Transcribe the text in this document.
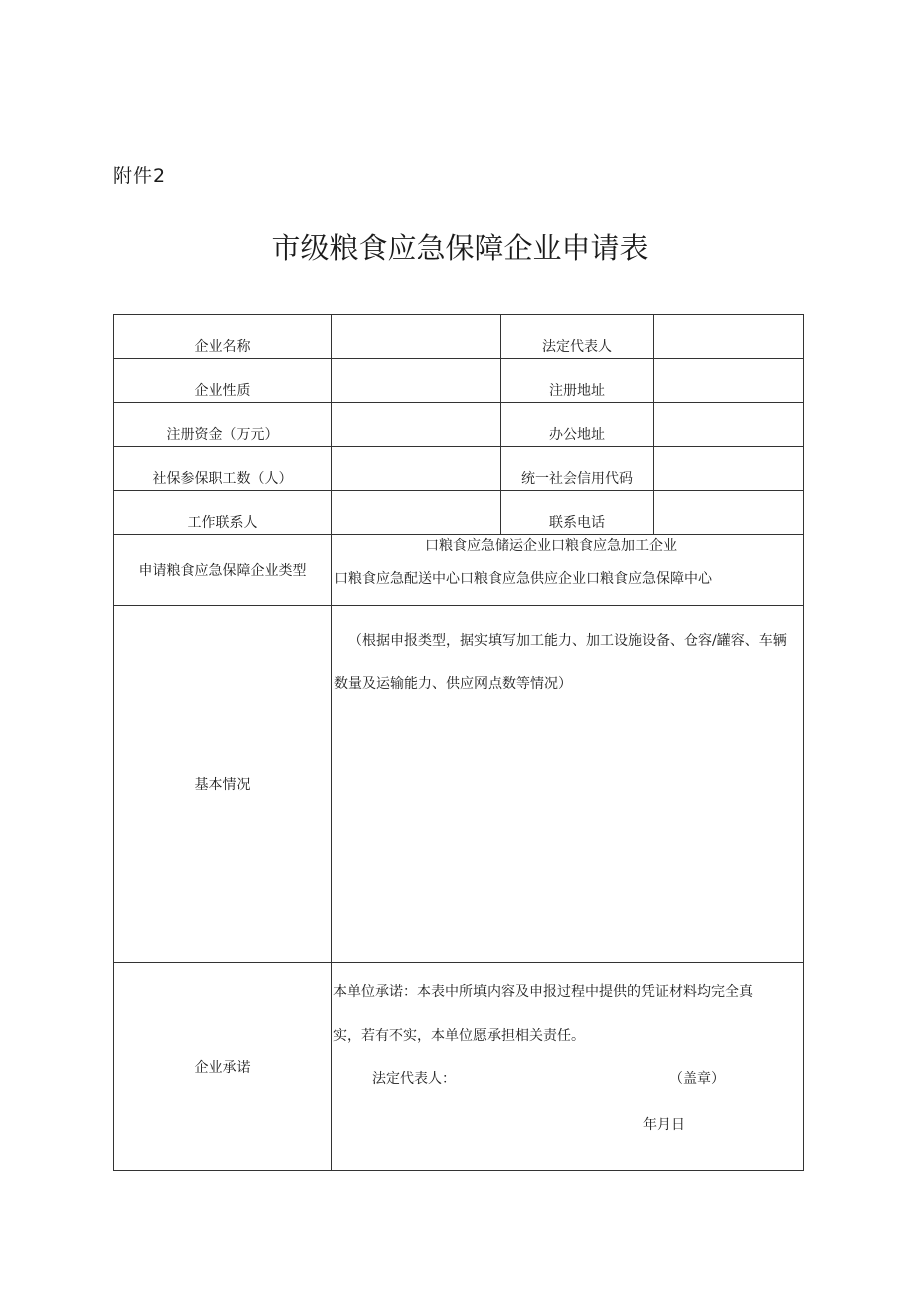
附件2
市级粮食应急保障企业申请表
企业名称		法定代表人	
企业性质		注册地址	
注册资金（万元）		办公地址	
社保参保职工数（人）		统一社会信用代码	
工作联系人		联系电话	
申请粮食应急保障企业类型	口粮食应急储运企业口粮食应急加工企业
口粮食应急配送中心口粮食应急供应企业口粮食应急保障中心		

基本情况	（根据申报类型，据实填写加工能力、加工设施设备、仓容/罐容、车辆数量及运输能力、供应网点数等情况）		

企业承诺	本单位承诺：本表中所填内容及申报过程中提供的凭证材料均完全真实，若有不实，本单位愿承担相关责任。
法定代表人： （盖章）
年月日		
